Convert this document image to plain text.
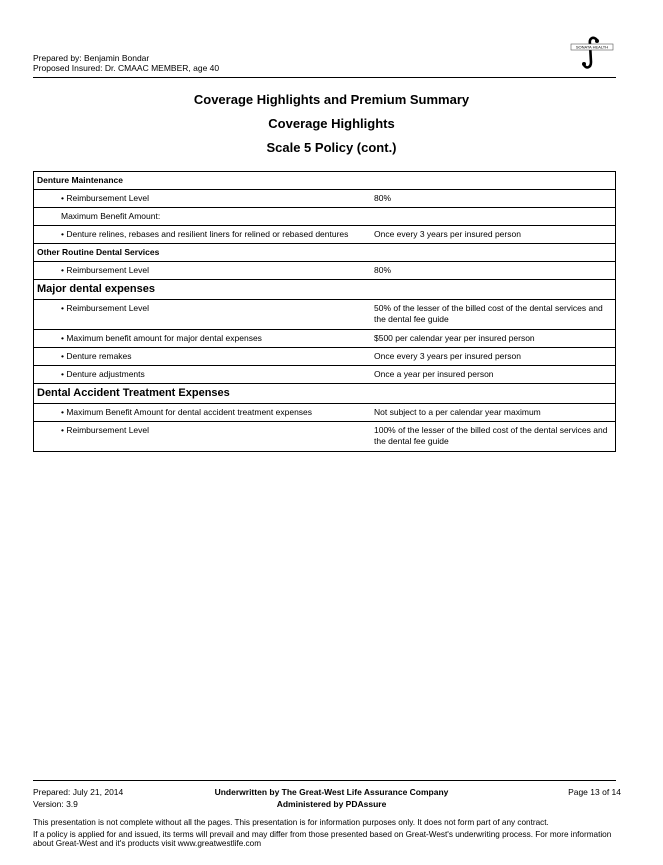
Prepared by: Benjamin Bondar
Proposed Insured: Dr. CMAAC MEMBER, age 40
SONATA HEALTH
Coverage Highlights and Premium Summary
Coverage Highlights
Scale 5 Policy (cont.)
Denture Maintenance	
• Reimbursement Level	80%
Maximum Benefit Amount:	
• Denture relines, rebases and resilient liners for relined or rebased dentures	Once every 3 years per insured person
Other Routine Dental Services	
• Reimbursement Level	80%
Major dental expenses	
• Reimbursement Level	50% of the lesser of the billed cost of the dental services and the dental fee guide
• Maximum benefit amount for major dental expenses	$500 per calendar year per insured person
• Denture remakes	Once every 3 years per insured person
• Denture adjustments	Once a year per insured person
Dental Accident Treatment Expenses	
• Maximum Benefit Amount for dental accident treatment expenses	Not subject to a per calendar year maximum
• Reimbursement Level	100% of the lesser of the billed cost of the dental services and the dental fee guide
Prepared: July 21, 2014
Version: 3.9
Underwritten by The Great-West Life Assurance Company
Administered by PDAssure
Page 13 of 14

This presentation is not complete without all the pages. This presentation is for information purposes only. It does not form part of any contract.

If a policy is applied for and issued, its terms will prevail and may differ from those presented based on Great-West's underwriting process. For more information about Great-West and it's products visit www.greatwestlife.com
